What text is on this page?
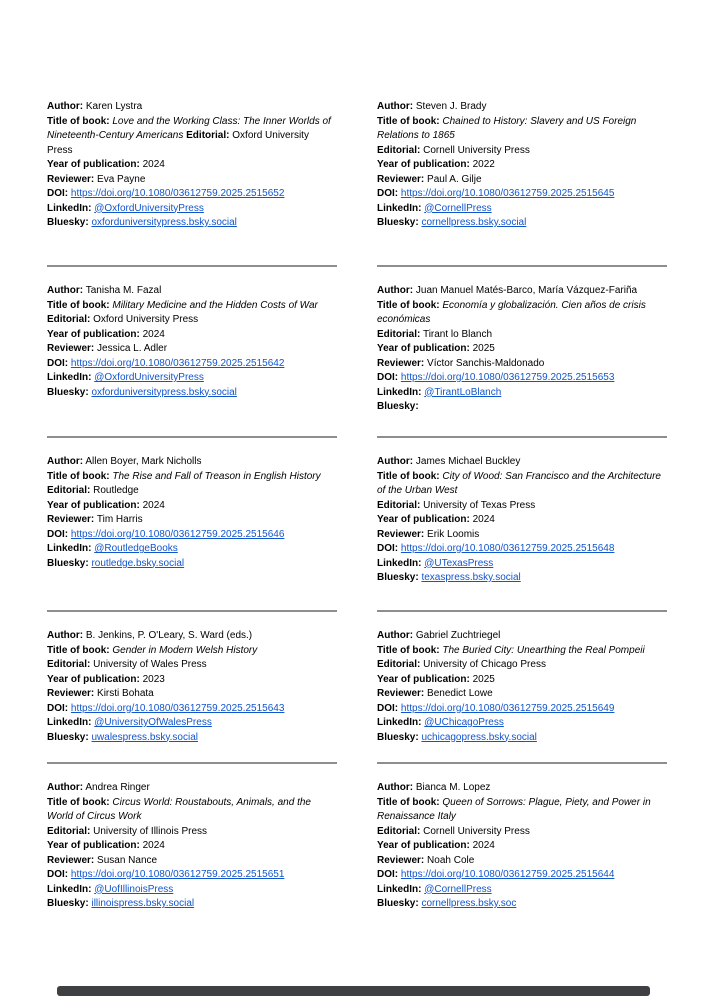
Author: Karen Lystra

Title of book: Love and the Working Class: The Inner Worlds of Nineteenth-Century Americans Editorial: Oxford University Press

Year of publication: 2024

Reviewer: Eva Payne

DOI: https://doi.org/10.1080/03612759.2025.2515652

LinkedIn: @OxfordUniversityPress

Bluesky: oxforduniversitypress.bsky.social

Author: Steven J. Brady

Title of book: Chained to History: Slavery and US Foreign Relations to 1865

Editorial: Cornell University Press

Year of publication: 2022

Reviewer: Paul A. Gilje

DOI: https://doi.org/10.1080/03612759.2025.2515645

LinkedIn: @CornellPress

Bluesky: cornellpress.bsky.social

Author: Tanisha M. Fazal

Title of book: Military Medicine and the Hidden Costs of War

Editorial: Oxford University Press

Year of publication: 2024

Reviewer: Jessica L. Adler

DOI: https://doi.org/10.1080/03612759.2025.2515642

LinkedIn: @OxfordUniversityPress

Bluesky: oxforduniversitypress.bsky.social

Author: Juan Manuel Matés-Barco, María Vázquez-Fariña

Title of book: Economía y globalización. Cien años de crisis económicas

Editorial: Tirant lo Blanch

Year of publication: 2025

Reviewer: Víctor Sanchis-Maldonado

DOI: https://doi.org/10.1080/03612759.2025.2515653

LinkedIn: @TirantLoBlanch

Bluesky:

Author: Allen Boyer, Mark Nicholls

Title of book: The Rise and Fall of Treason in English History

Editorial: Routledge

Year of publication: 2024

Reviewer: Tim Harris

DOI: https://doi.org/10.1080/03612759.2025.2515646

LinkedIn: @RoutledgeBooks

Bluesky: routledge.bsky.social

Author: James Michael Buckley

Title of book: City of Wood: San Francisco and the Architecture of the Urban West

Editorial: University of Texas Press

Year of publication: 2024

Reviewer: Erik Loomis

DOI: https://doi.org/10.1080/03612759.2025.2515648

LinkedIn: @UTexasPress

Bluesky: texaspress.bsky.social

Author: B. Jenkins, P. O'Leary, S. Ward (eds.)

Title of book: Gender in Modern Welsh History

Editorial: University of Wales Press

Year of publication: 2023

Reviewer: Kirsti Bohata

DOI: https://doi.org/10.1080/03612759.2025.2515643

LinkedIn: @UniversityOfWalesPress

Bluesky: uwalespress.bsky.social

Author: Gabriel Zuchtriegel

Title of book: The Buried City: Unearthing the Real Pompeii

Editorial: University of Chicago Press

Year of publication: 2025

Reviewer: Benedict Lowe

DOI: https://doi.org/10.1080/03612759.2025.2515649

LinkedIn: @UChicagoPress

Bluesky: uchicagopress.bsky.social

Author: Andrea Ringer

Title of book: Circus World: Roustabouts, Animals, and the World of Circus Work

Editorial: University of Illinois Press

Year of publication: 2024

Reviewer: Susan Nance

DOI: https://doi.org/10.1080/03612759.2025.2515651

LinkedIn: @UofIllinoisPress

Bluesky: illinoispress.bsky.social

Author: Bianca M. Lopez

Title of book: Queen of Sorrows: Plague, Piety, and Power in Renaissance Italy

Editorial: Cornell University Press

Year of publication: 2024

Reviewer: Noah Cole

DOI: https://doi.org/10.1080/03612759.2025.2515644

LinkedIn: @CornellPress

Bluesky: cornellpress.bsky.soc
